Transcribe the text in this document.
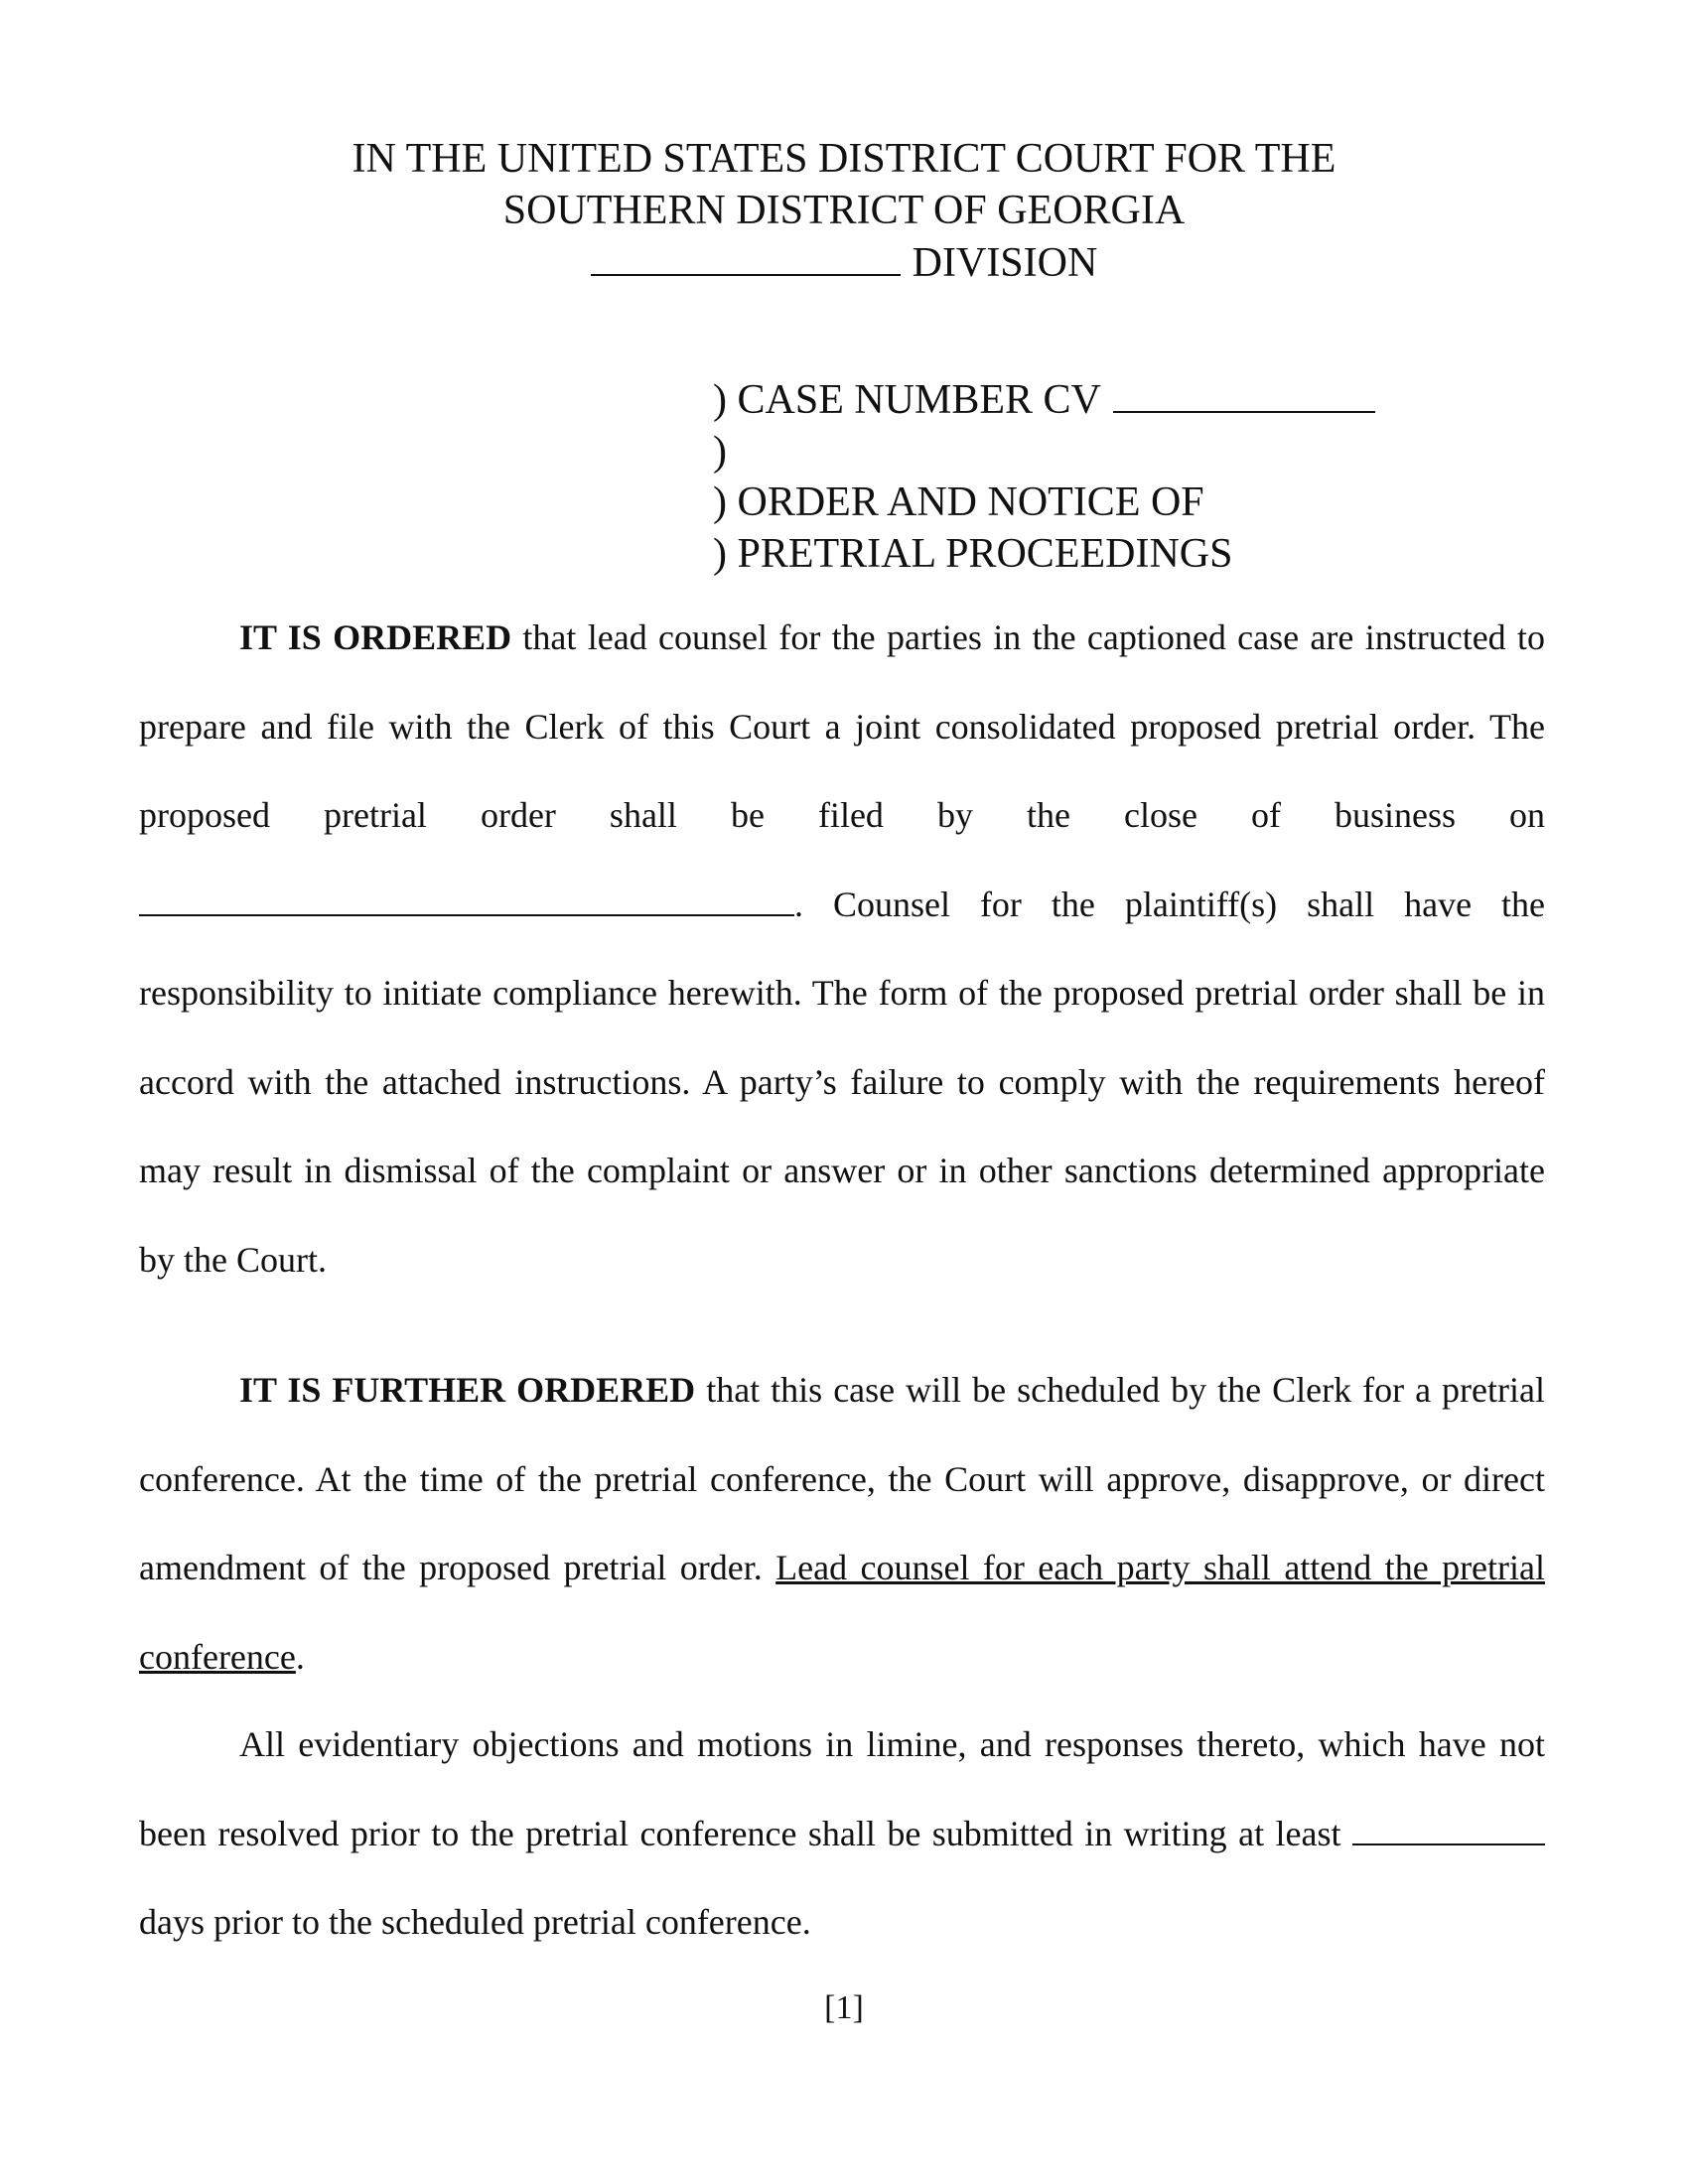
IN THE UNITED STATES DISTRICT COURT FOR THE
SOUTHERN DISTRICT OF GEORGIA
DIVISION
) CASE NUMBER CV
)
) ORDER AND NOTICE OF
) PRETRIAL PROCEEDINGS

IT IS ORDERED that lead counsel for the parties in the captioned case are instructed to prepare and file with the Clerk of this Court a joint consolidated proposed pretrial order. The proposed pretrial order shall be filed by the close of business on . Counsel for the plaintiff(s) shall have the responsibility to initiate compliance herewith. The form of the proposed pretrial order shall be in accord with the attached instructions. A party’s failure to comply with the requirements hereof may result in dismissal of the complaint or answer or in other sanctions determined appropriate by the Court.

IT IS FURTHER ORDERED that this case will be scheduled by the Clerk for a pretrial conference. At the time of the pretrial conference, the Court will approve, disapprove, or direct amendment of the proposed pretrial order. Lead counsel for each party shall attend the pretrial conference.

All evidentiary objections and motions in limine, and responses thereto, which have not been resolved prior to the pretrial conference shall be submitted in writing at least  days prior to the scheduled pretrial conference.

[1]
